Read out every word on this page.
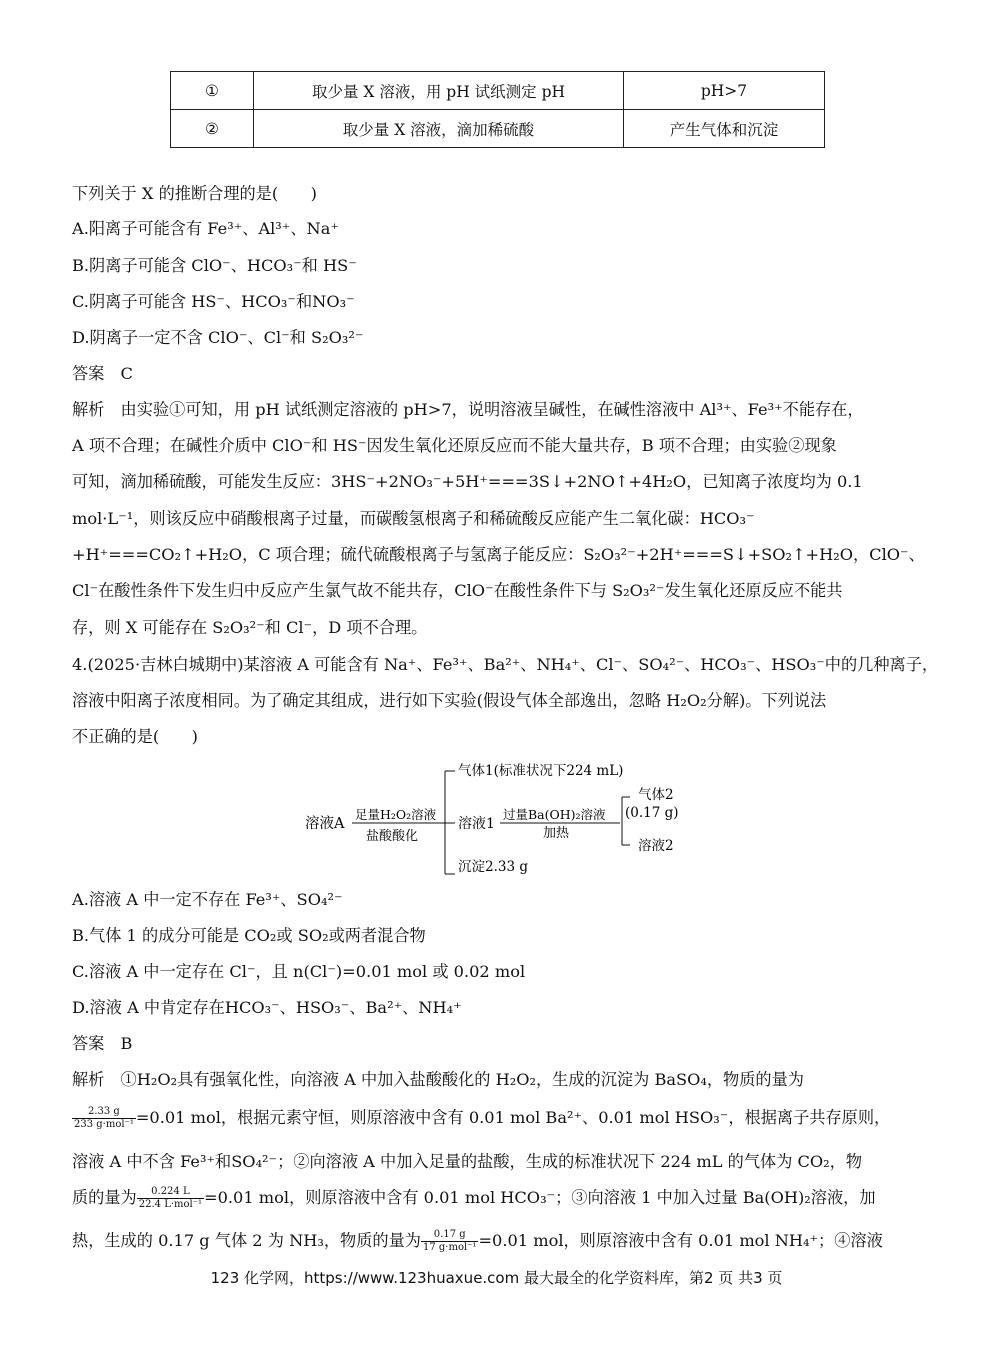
①	取少量 X 溶液，用 pH 试纸测定 pH	pH>7
②	取少量 X 溶液，滴加稀硫酸	产生气体和沉淀
下列关于 X 的推断合理的是(　　)
A.阳离子可能含有 Fe³⁺、Al³⁺、Na⁺
B.阴离子可能含 ClO⁻、HCO₃⁻和 HS⁻
C.阴离子可能含 HS⁻、HCO₃⁻和NO₃⁻
D.阴离子一定不含 ClO⁻、Cl⁻和 S₂O₃²⁻
答案　C
解析　由实验①可知，用 pH 试纸测定溶液的 pH>7，说明溶液呈碱性，在碱性溶液中 Al³⁺、Fe³⁺不能存在，
A 项不合理；在碱性介质中 ClO⁻和 HS⁻因发生氧化还原反应而不能大量共存，B 项不合理；由实验②现象
可知，滴加稀硫酸，可能发生反应：3HS⁻+2NO₃⁻+5H⁺===3S↓+2NO↑+4H₂O，已知离子浓度均为 0.1
mol·L⁻¹，则该反应中硝酸根离子过量，而碳酸氢根离子和稀硫酸反应能产生二氧化碳：HCO₃⁻
+H⁺===CO₂↑+H₂O，C 项合理；硫代硫酸根离子与氢离子能反应：S₂O₃²⁻+2H⁺===S↓+SO₂↑+H₂O，ClO⁻、
Cl⁻在酸性条件下发生归中反应产生氯气故不能共存，ClO⁻在酸性条件下与 S₂O₃²⁻发生氧化还原反应不能共
存，则 X 可能存在 S₂O₃²⁻和 Cl⁻，D 项不合理。
4.(2025·吉林白城期中)某溶液 A 可能含有 Na⁺、Fe³⁺、Ba²⁺、NH₄⁺、Cl⁻、SO₄²⁻、HCO₃⁻、HSO₃⁻中的几种离子，
溶液中阳离子浓度相同。为了确定其组成，进行如下实验(假设气体全部逸出，忽略 H₂O₂分解)。下列说法
不正确的是(　　)
溶液A
足量H₂O₂溶液
盐酸酸化
气体1(标准状况下224 mL)
溶液1
过量Ba(OH)₂溶液
加热
气体2
(0.17 g)
溶液2
沉淀2.33 g
A.溶液 A 中一定不存在 Fe³⁺、SO₄²⁻
B.气体 1 的成分可能是 CO₂或 SO₂或两者混合物
C.溶液 A 中一定存在 Cl⁻，且 n(Cl⁻)=0.01 mol 或 0.02 mol
D.溶液 A 中肯定存在HCO₃⁻、HSO₃⁻、Ba²⁺、NH₄⁺
答案　B
解析　①H₂O₂具有强氧化性，向溶液 A 中加入盐酸酸化的 H₂O₂，生成的沉淀为 BaSO₄，物质的量为
$\frac{2.33 g}{\text{233 g·mol⁻¹}} =0.01$ mol，根据元素守恒，则原溶液中含有 0.01 mol Ba²⁺、0.01 mol HSO₃⁻，根据离子共存原则，
溶液 A 中不含 Fe³⁺和SO₄²⁻；②向溶液 A 中加入足量的盐酸，生成的标准状况下 224 mL 的气体为 CO₂，物
质的量为 $\frac{0.224 L}{\text{22.4 L·mol⁻¹}} =0.01$ mol，则原溶液中含有 0.01 mol HCO₃⁻；③向溶液 1 中加入过量 Ba(OH)₂溶液，加
热，生成的 0.17 g 气体 2 为 NH₃，物质的量为 $\frac{0.17 g}{\text{17 g·mol⁻¹}} =0.01$ mol，则原溶液中含有 0.01 mol NH₄⁺；④溶液
123 化学网，https://www.123huaxue.com 最大最全的化学资料库，第2 页 共3 页
